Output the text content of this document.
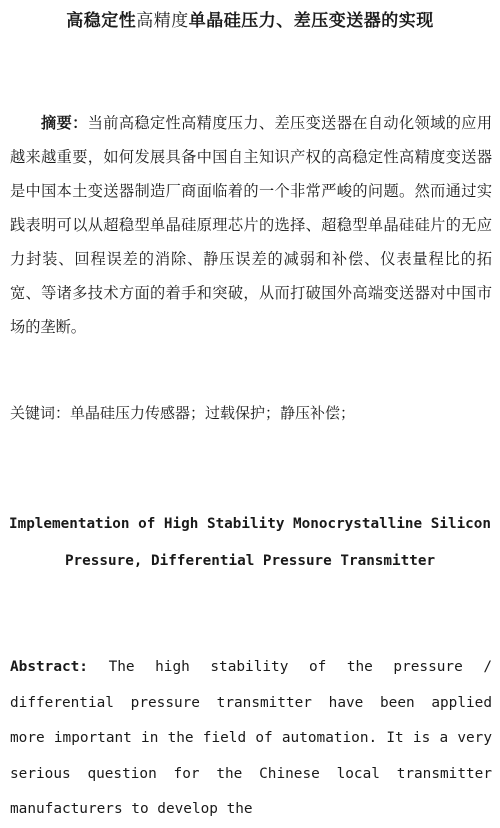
高稳定性高精度单晶硅压力、差压变送器的实现

摘要：当前高稳定性高精度压力、差压变送器在自动化领域的应用越来越重要，如何发展具备中国自主知识产权的高稳定性高精度变送器是中国本土变送器制造厂商面临着的一个非常严峻的问题。然而通过实践表明可以从超稳型单晶硅原理芯片的选择、超稳型单晶硅硅片的无应力封装、回程误差的消除、静压误差的减弱和补偿、仪表量程比的拓宽、等诸多技术方面的着手和突破，从而打破国外高端变送器对中国市场的垄断。

关键词：单晶硅压力传感器；过载保护；静压补偿；

Implementation of High Stability Monocrystalline Silicon
Pressure, Differential Pressure Transmitter

Abstract: The high stability of the pressure / differential pressure transmitter have been applied more important in the field of automation. It is a very serious question for the Chinese local transmitter manufacturers to develop the
